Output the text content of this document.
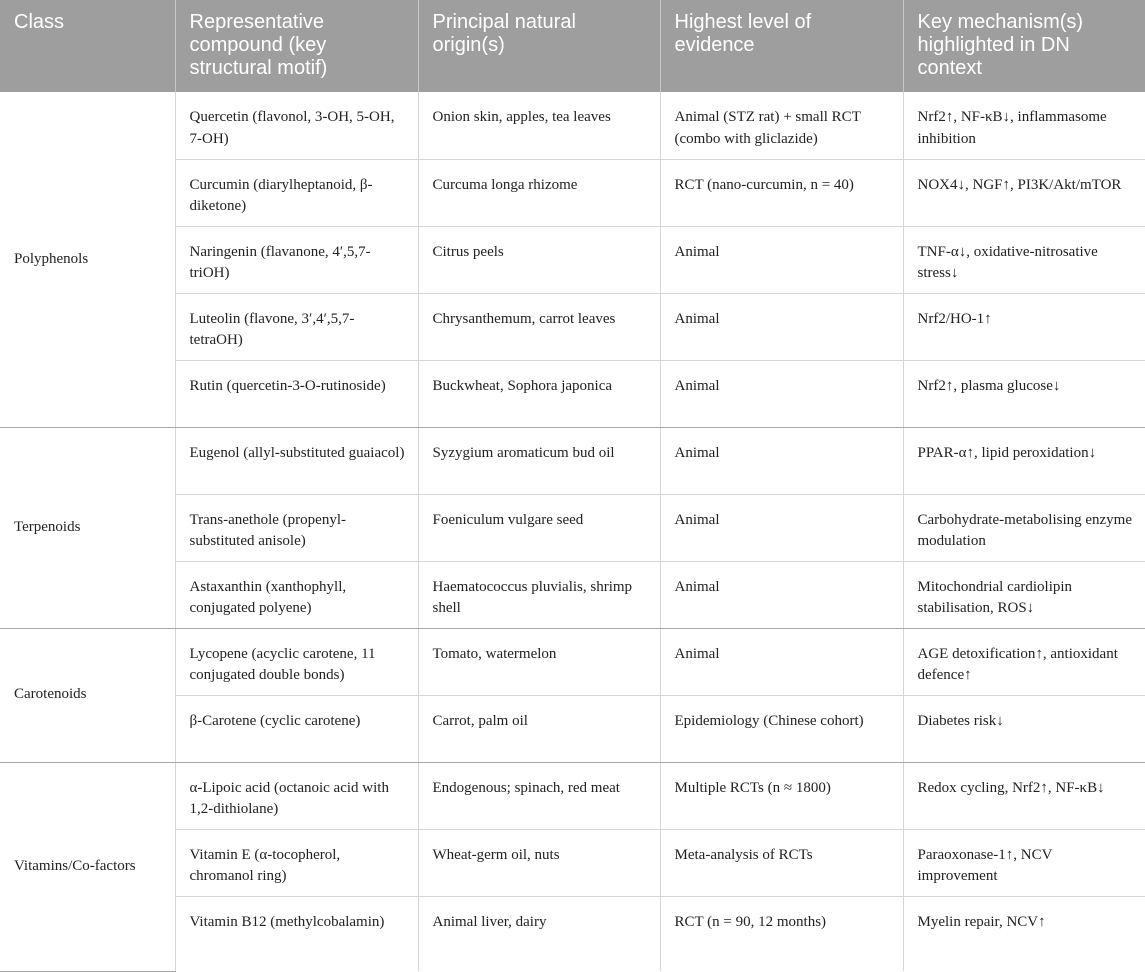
Class	Representative compound (key structural motif)	Principal natural origin(s)	Highest level of evidence	Key mechanism(s) highlighted in DN context
Polyphenols	Quercetin (flavonol, 3-OH, 5-OH, 7-OH)	Onion skin, apples, tea leaves	Animal (STZ rat) + small RCT (combo with gliclazide)	Nrf2↑, NF-κB↓, inflammasome inhibition
	Curcumin (diarylheptanoid, β-diketone)	Curcuma longa rhizome	RCT (nano-curcumin, n = 40)	NOX4↓, NGF↑, PI3K/Akt/mTOR
	Naringenin (flavanone, 4′,5,7-triOH)	Citrus peels	Animal	TNF-α↓, oxidative-nitrosative stress↓
	Luteolin (flavone, 3′,4′,5,7-tetraOH)	Chrysanthemum, carrot leaves	Animal	Nrf2/HO-1↑
	Rutin (quercetin-3-O-rutinoside)	Buckwheat, Sophora japonica	Animal	Nrf2↑, plasma glucose↓
Terpenoids	Eugenol (allyl-substituted guaiacol)	Syzygium aromaticum bud oil	Animal	PPAR-α↑, lipid peroxidation↓
	Trans-anethole (propenyl-substituted anisole)	Foeniculum vulgare seed	Animal	Carbohydrate-metabolising enzyme modulation
	Astaxanthin (xanthophyll, conjugated polyene)	Haematococcus pluvialis, shrimp shell	Animal	Mitochondrial cardiolipin stabilisation, ROS↓
Carotenoids	Lycopene (acyclic carotene, 11 conjugated double bonds)	Tomato, watermelon	Animal	AGE detoxification↑, antioxidant defence↑
	β-Carotene (cyclic carotene)	Carrot, palm oil	Epidemiology (Chinese cohort)	Diabetes risk↓
Vitamins/Co-factors	α-Lipoic acid (octanoic acid with 1,2-dithiolane)	Endogenous; spinach, red meat	Multiple RCTs (n ≈ 1800)	Redox cycling, Nrf2↑, NF-κB↓
	Vitamin E (α-tocopherol, chromanol ring)	Wheat-germ oil, nuts	Meta-analysis of RCTs	Paraoxonase-1↑, NCV improvement
	Vitamin B12 (methylcobalamin)	Animal liver, dairy	RCT (n = 90, 12 months)	Myelin repair, NCV↑
